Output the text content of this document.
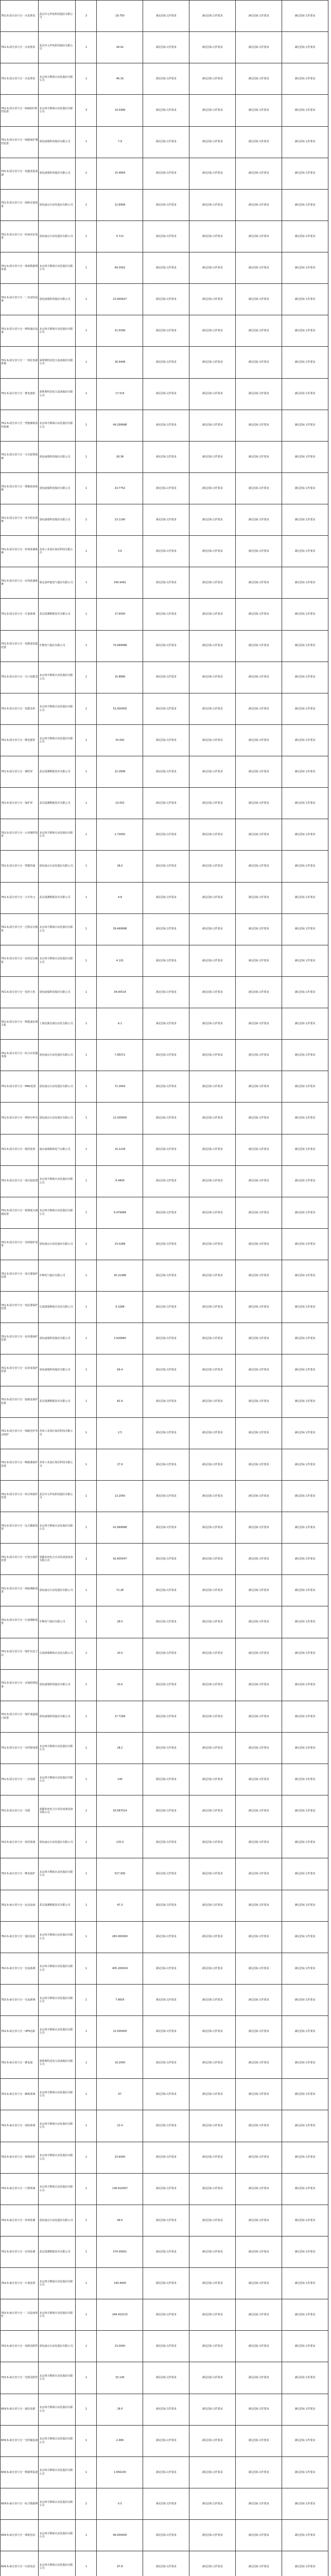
701-S-国分表与分一水处理表	武汉中元华电科技股份有限公司	3	18.750	满足招标文件要求	满足招标文件要求	满足招标文件要求	满足招标文件要求
701-S-国分表与分一水处理表	武汉中元华电科技股份有限公司	1	28.42	满足招标文件要求	满足招标文件要求	满足招标文件要求	满足招标文件要求
701-S-国分表与分一水处理表	北京四方继保自动化股份有限公司	1	46.16	满足招标文件要求	满足招标文件要求	满足招标文件要求	满足招标文件要求
701-S-国分表与分一GIS保护测控装置	北京四方继保自动化股份有限公司	3	14.5946	满足招标文件要求	满足招标文件要求	满足招标文件要求	满足招标文件要求
701-S-国分表与分一线路保护测控装置	国电南瑞科技股份有限公司	1	7.9	满足招标文件要求	满足招标文件要求	满足招标文件要求	满足招标文件要求
701-S-国分表与分一电能质量监测	国电南瑞科技股份有限公司	1	15.4804	满足招标文件要求	满足招标文件要求	满足招标文件要求	满足招标文件要求
701-S-国分表与分一故障录波装置	国电南京自动化股份有限公司	1	12.8908	满足招标文件要求	满足招标文件要求	满足招标文件要求	满足招标文件要求
701-S-国分表与分一时间同步装置	国电南京自动化股份有限公司	1	5.712	满足招标文件要求	满足招标文件要求	满足招标文件要求	满足招标文件要求
701-S-国分表与分一调度数据网设备	北京四方继保自动化股份有限公司	1	49.3002	满足招标文件要求	满足招标文件要求	满足招标文件要求	满足招标文件要求
701-S-国分表与分一二次安防设备	国电南瑞科技股份有限公司	1	23.900927	满足招标文件要求	满足招标文件要求	满足招标文件要求	满足招标文件要求
701-S-国分表与分一网络通信设备	北京四方继保自动化股份有限公司	1	31.5599	满足招标文件要求	满足招标文件要求	满足招标文件要求	满足招标文件要求
701-S-国分表与分一一体化电源系统	深圳奥特迅电力设备股份有限公司	1	26.9448	满足招标文件要求	满足招标文件要求	满足招标文件要求	满足招标文件要求
701-S-国分表与分一蓄电池组	深圳奥特迅电力设备股份有限公司	1	17.515	满足招标文件要求	满足招标文件要求	满足招标文件要求	满足招标文件要求
701-S-国分表与分一智能辅助监控系统	北京四方继保自动化股份有限公司	1	49.299998	满足招标文件要求	满足招标文件要求	满足招标文件要求	满足招标文件要求
701-S-国分表与分一火灾报警系统	国电南瑞科技股份有限公司	1	28.38	满足招标文件要求	满足招标文件要求	满足招标文件要求	满足招标文件要求
701-S-国分表与分一图像监视系统	国电南瑞科技股份有限公司	1	23.7752	满足招标文件要求	满足招标文件要求	满足招标文件要求	满足招标文件要求
701-S-国分表与分一安全防范系统	国电南瑞科技股份有限公司	1	23.1190	满足招标文件要求	满足招标文件要求	满足招标文件要求	满足招标文件要求
701-S-国分表与分一环境监测系统	苏州工业园区海沃科技有限公司	1	3.6	满足招标文件要求	满足招标文件要求	满足招标文件要求	满足招标文件要求
701-S-国分表与分一在线监测系统	保定浪拜迪电气股份有限公司	1	240.9491	满足招标文件要求	满足招标文件要求	满足招标文件要求	满足招标文件要求
701-S-国分表与分一计量系统	武汉国测数据技术有限公司	1	17.6500	满足招标文件要求	满足招标文件要求	满足招标文件要求	满足招标文件要求
701-S-国分表与分一电能量采集装置	许继电气股份有限公司	1	70.999998	满足招标文件要求	满足招标文件要求	满足招标文件要求	满足招标文件要求
701-S-国分表与分一关口电能表	北京四方继保自动化股份有限公司	1	15.8896	满足招标文件要求	满足招标文件要求	满足招标文件要求	满足招标文件要求
701-S-国分表与分一电能表屏	北京四方继保自动化股份有限公司	1	52.000000	满足招标文件要求	满足招标文件要求	满足招标文件要求	满足招标文件要求
701-S-国分表与分一继电器屏	北京四方继保自动化股份有限公司	1	33.092	满足招标文件要求	满足招标文件要求	满足招标文件要求	满足招标文件要求
701-S-国分表与分一测控屏	武汉国测数据技术有限公司	1	22.2808	满足招标文件要求	满足招标文件要求	满足招标文件要求	满足招标文件要求
701-S-国分表与分一保护屏	武汉国测数据技术有限公司	1	23.052	满足招标文件要求	满足招标文件要求	满足招标文件要求	满足招标文件要求
701-S-国分表与分一公用测控装置	北京四方继保自动化股份有限公司	1	2.73000	满足招标文件要求	满足招标文件要求	满足招标文件要求	满足招标文件要求
701-S-国分表与分一智能终端	国电南京自动化股份有限公司	1	28.0	满足招标文件要求	满足招标文件要求	满足招标文件要求	满足招标文件要求
701-S-国分表与分一合并单元	武汉国测数据技术有限公司	1	4.8	满足招标文件要求	满足招标文件要求	满足招标文件要求	满足招标文件要求
701-S-国分表与分一过程层交换机	北京四方继保自动化股份有限公司	1	39.499998	满足招标文件要求	满足招标文件要求	满足招标文件要求	满足招标文件要求
701-S-国分表与分一站控层交换机	北京四方继保自动化股份有限公司	1	4.101	满足招标文件要求	满足招标文件要求	满足招标文件要求	满足招标文件要求
701-S-国分表与分一监控主机	国电南瑞科技股份有限公司	1	34.00514	满足招标文件要求	满足招标文件要求	满足招标文件要求	满足招标文件要求
701-S-国分表与分一数据通信网关机	上海思源弘瑞自动化有限公司	1	6.1	满足招标文件要求	满足招标文件要求	满足招标文件要求	满足招标文件要求
701-S-国分表与分一综合应用服务器	国电南京自动化股份有限公司	1	7.95072	满足招标文件要求	满足招标文件要求	满足招标文件要求	满足招标文件要求
701-S-国分表与分一PMU装置	国电南京自动化股份有限公司	1	72.2604	满足招标文件要求	满足招标文件要求	满足招标文件要求	满足招标文件要求
701-S-国分表与分一网络分析仪	国电南京自动化股份有限公司	1	12.000000	满足招标文件要求	满足招标文件要求	满足招标文件要求	满足招标文件要求
701-S-国分表与分一稳控装置	南京南瑞继保电气有限公司	1	15.2228	满足招标文件要求	满足招标文件要求	满足招标文件要求	满足招标文件要求
701-S-国分表与分一备自投装置	北京四方继保自动化股份有限公司	1	6.4409	满足招标文件要求	满足招标文件要求	满足招标文件要求	满足招标文件要求
701-S-国分表与分一低频低压减载装置	北京四方继保自动化股份有限公司	1	6.479999	满足招标文件要求	满足招标文件要求	满足招标文件要求	满足招标文件要求
701-S-国分表与分一母线保护装置	国电南京自动化股份有限公司	1	23.0288	满足招标文件要求	满足招标文件要求	满足招标文件要求	满足招标文件要求
701-S-国分表与分一变压器保护装置	许继电气股份有限公司	1	30.21998	满足招标文件要求	满足招标文件要求	满足招标文件要求	满足招标文件要求
701-S-国分表与分一电抗器保护装置	长园深瑞继保自动化有限公司	1	9.3288	满足招标文件要求	满足招标文件要求	满足招标文件要求	满足招标文件要求
701-S-国分表与分一电容器保护装置	国电南瑞科技股份有限公司	1	3.920840	满足招标文件要求	满足招标文件要求	满足招标文件要求	满足招标文件要求
701-S-国分表与分一站用变保护装置	国电南瑞科技股份有限公司	1	69.4	满足招标文件要求	满足招标文件要求	满足招标文件要求	满足招标文件要求
701-S-国分表与分一接地变保护装置	武汉国测数据技术有限公司	1	82.9	满足招标文件要求	满足招标文件要求	满足招标文件要求	满足招标文件要求
701-S-国分表与分一线路光纤差动保护	苏州工业园区海沃科技有限公司	1	2.5	满足招标文件要求	满足招标文件要求	满足招标文件要求	满足招标文件要求
701-S-国分表与分一断路器保护装置	苏州工业园区海沃科技有限公司	1	27.9	满足招标文件要求	满足招标文件要求	满足招标文件要求	满足招标文件要求
701-S-国分表与分一短引线保护装置	武汉中元华电科技股份有限公司	1	13.2050	满足招标文件要求	满足招标文件要求	满足招标文件要求	满足招标文件要求
701-S-国分表与分一远方跳闸装置	北京四方继保自动化股份有限公司	1	41.999998	满足招标文件要求	满足招标文件要求	满足招标文件要求	满足招标文件要求
701-S-国分表与分一过电压保护装置	成都府河电力自动化成套设备有限公司	1	92.600047	满足招标文件要求	满足招标文件要求	满足招标文件要求	满足招标文件要求
701-S-国分表与分一故障测距装置	国电南京自动化股份有限公司	1	72.28	满足招标文件要求	满足招标文件要求	满足招标文件要求	满足招标文件要求
701-S-国分表与分一行波测距装置	许继电气股份有限公司	1	28.0	满足招标文件要求	满足招标文件要求	满足招标文件要求	满足招标文件要求
701-S-国分表与分一保护信息子站	长园深瑞继保自动化有限公司	1	20.0	满足招标文件要求	满足招标文件要求	满足招标文件要求	满足招标文件要求
701-S-国分表与分一录波组网设备	国电南瑞科技股份有限公司	1	20.0	满足招标文件要求	满足招标文件要求	满足招标文件要求	满足招标文件要求
701-S-国分表与分一保护通道接口装置	国电南瑞科技股份有限公司	1	27.7189	满足招标文件要求	满足招标文件要求	满足招标文件要求	满足招标文件要求
701-S-国分表与分一光纤配线架	北京四方继保自动化股份有限公司	1	18.2	满足招标文件要求	满足招标文件要求	满足招标文件要求	满足招标文件要求
701-S-国分表与分一二次电缆	北京四方继保自动化股份有限公司	1	140	满足招标文件要求	满足招标文件要求	满足招标文件要求	满足招标文件要求
701-S-国分表与分一光缆	成都府河电力自动化成套设备有限公司	1	50.587014	满足招标文件要求	满足招标文件要求	满足招标文件要求	满足招标文件要求
702-S-南分表与分一监控系统	国电南京自动化股份有限公司	1	125.0	满足招标文件要求	满足招标文件要求	满足招标文件要求	满足招标文件要求
702-S-南分表与分一继电保护	北京四方继保自动化股份有限公司	1	527.930	满足招标文件要求	满足招标文件要求	满足招标文件要求	满足招标文件要求
702-S-南分表与分一远动设备	武汉国测数据技术有限公司	1	47.3	满足招标文件要求	满足招标文件要求	满足招标文件要求	满足招标文件要求
702-S-南分表与分一通信设备	北京四方继保自动化股份有限公司	1	283.000000	满足招标文件要求	满足招标文件要求	满足招标文件要求	满足招标文件要求
702-S-南分表与分一直流系统	北京四方继保自动化股份有限公司	1	405.200024	满足招标文件要求	满足招标文件要求	满足招标文件要求	满足招标文件要求
702-S-南分表与分一交流系统	北京四方继保自动化股份有限公司	1	7.8005	满足招标文件要求	满足招标文件要求	满足招标文件要求	满足招标文件要求
702-S-南分表与分一UPS电源	北京四方继保自动化股份有限公司	1	22.000000	满足招标文件要求	满足招标文件要求	满足招标文件要求	满足招标文件要求
702-S-南分表与分一蓄电池	深圳奥特迅电力设备股份有限公司	1	19.2000	满足招标文件要求	满足招标文件要求	满足招标文件要求	满足招标文件要求
702-S-南分表与分一辅助系统	北京四方继保自动化股份有限公司	1	67	满足招标文件要求	满足招标文件要求	满足招标文件要求	满足招标文件要求
702-S-南分表与分一消防系统	北京四方继保自动化股份有限公司	1	22.4	满足招标文件要求	满足招标文件要求	满足招标文件要求	满足招标文件要求
702-S-南分表与分一视频监控	北京四方继保自动化股份有限公司	1	23.6000	满足招标文件要求	满足招标文件要求	满足招标文件要求	满足招标文件要求
702-S-南分表与分一门禁系统	北京四方继保自动化股份有限公司	1	136.610007	满足招标文件要求	满足招标文件要求	满足招标文件要求	满足招标文件要求
702-S-南分表与分一环境监测	国电南京自动化股份有限公司	1	49.0	满足招标文件要求	满足招标文件要求	满足招标文件要求	满足招标文件要求
702-S-南分表与分一在线监测	武汉国测数据技术有限公司	1	374.00001	满足招标文件要求	满足招标文件要求	满足招标文件要求	满足招标文件要求
702-S-南分表与分一计量装置	北京四方继保自动化股份有限公司	1	140.4000	满足招标文件要求	满足招标文件要求	满足招标文件要求	满足招标文件要求
702-S-南分表与分一二次设备屏柜	北京四方继保自动化股份有限公司	1	244.410215	满足招标文件要求	满足招标文件要求	满足招标文件要求	满足招标文件要求
702-S-南分表与分一电缆及附件	国电南京自动化股份有限公司	1	23.0000	满足招标文件要求	满足招标文件要求	满足招标文件要求	满足招标文件要求
702-S-南分表与分一光缆及附件	北京四方继保自动化股份有限公司	1	32.145	满足招标文件要求	满足招标文件要求	满足招标文件要求	满足招标文件要求
609-S-南分表与分一通信电源	北京四方继保自动化股份有限公司	1	18.0	满足招标文件要求	满足招标文件要求	满足招标文件要求	满足招标文件要求
609-S-南分表与分一光传输设备	北京四方继保自动化股份有限公司	1	2.484	满足招标文件要求	满足招标文件要求	满足招标文件要求	满足招标文件要求
609-S-南分表与分一数据网设备	北京四方继保自动化股份有限公司	1	1.656230	满足招标文件要求	满足招标文件要求	满足招标文件要求	满足招标文件要求
609-S-南分表与分一综合数据网	北京四方继保自动化股份有限公司	1	0.5	满足招标文件要求	满足招标文件要求	满足招标文件要求	满足招标文件要求
609-S-南分表与分一调度电话	北京四方继保自动化股份有限公司	1	96.000000	满足招标文件要求	满足招标文件要求	满足招标文件要求	满足招标文件要求
609-S-南分表与分一行政电话	北京四方继保自动化股份有限公司	1	97.8	满足招标文件要求	满足招标文件要求	满足招标文件要求	满足招标文件要求
